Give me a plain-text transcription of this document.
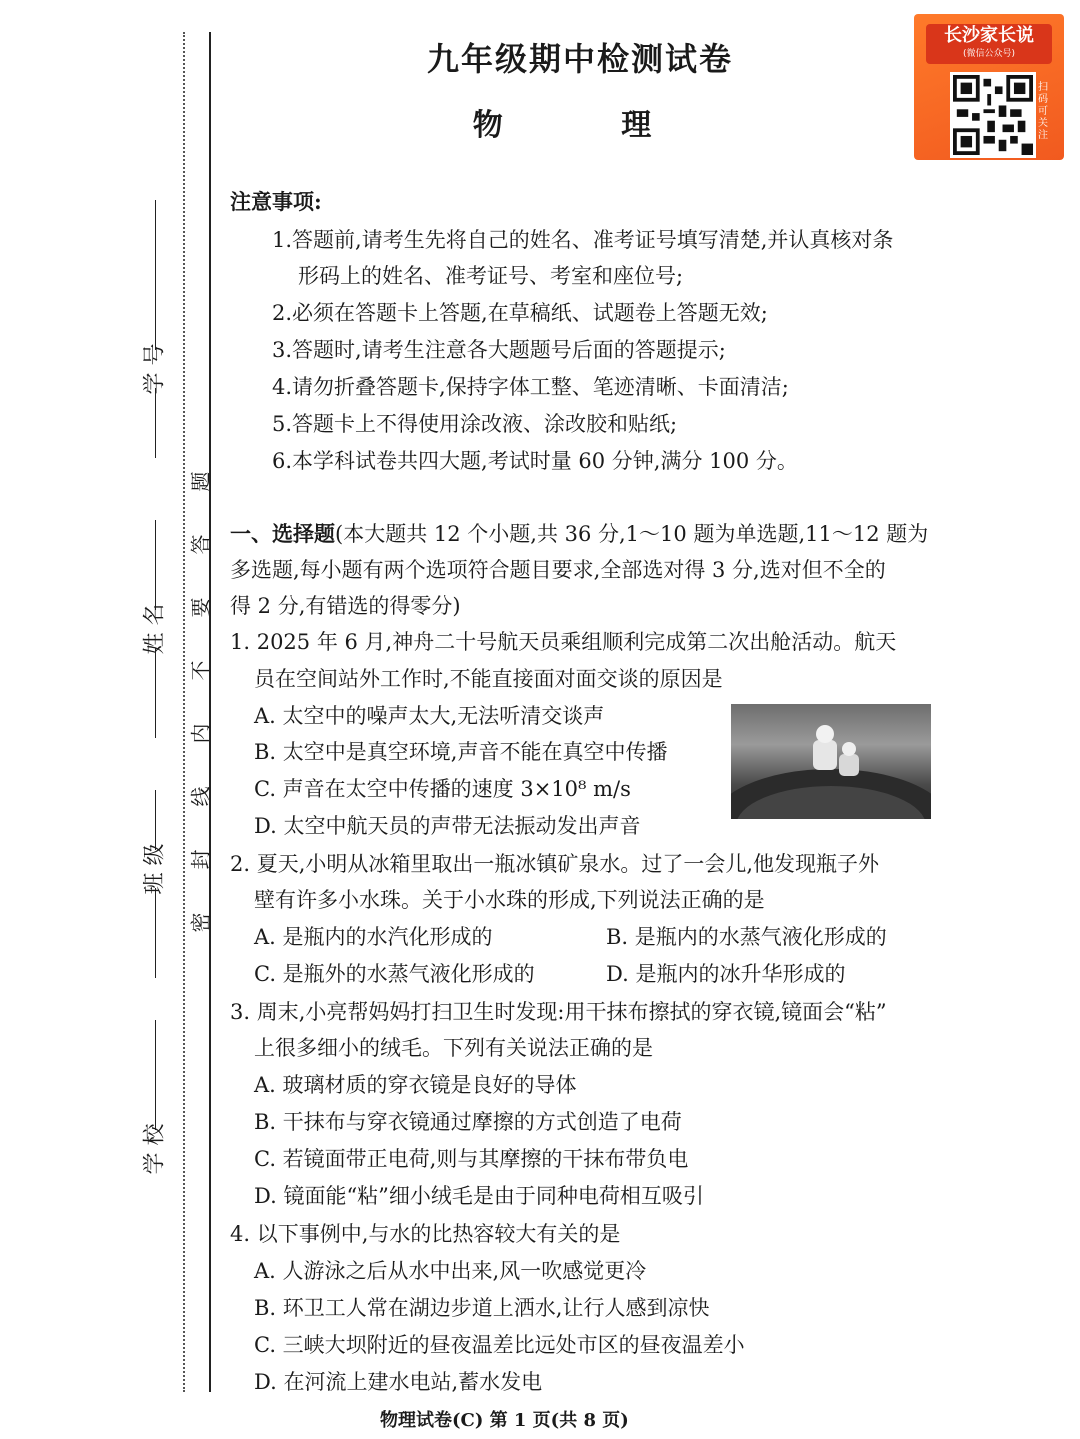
学 号
姓 名
班 级
学 校
题
答
要
不
内
线
封
密
九年级期中检测试卷
物 理
长沙家长说
(微信公众号)
扫码可关注
注意事项:
1.答题前,请考生先将自己的姓名、准考证号填写清楚,并认真核对条
形码上的姓名、准考证号、考室和座位号;
2.必须在答题卡上答题,在草稿纸、试题卷上答题无效;
3.答题时,请考生注意各大题题号后面的答题提示;
4.请勿折叠答题卡,保持字体工整、笔迹清晰、卡面清洁;
5.答题卡上不得使用涂改液、涂改胶和贴纸;
6.本学科试卷共四大题,考试时量 60 分钟,满分 100 分。
一、选择题(本大题共 12 个小题,共 36 分,1～10 题为单选题,11～12 题为
多选题,每小题有两个选项符合题目要求,全部选对得 3 分,选对但不全的
得 2 分,有错选的得零分)
1. 2025 年 6 月,神舟二十号航天员乘组顺利完成第二次出舱活动。航天
员在空间站外工作时,不能直接面对面交谈的原因是
A. 太空中的噪声太大,无法听清交谈声
B. 太空中是真空环境,声音不能在真空中传播
C. 声音在太空中传播的速度 3×10⁸ m/s
D. 太空中航天员的声带无法振动发出声音
2. 夏天,小明从冰箱里取出一瓶冰镇矿泉水。过了一会儿,他发现瓶子外
壁有许多小水珠。关于小水珠的形成,下列说法正确的是
A. 是瓶内的水汽化形成的	B. 是瓶内的水蒸气液化形成的
C. 是瓶外的水蒸气液化形成的	D. 是瓶内的冰升华形成的
3. 周末,小亮帮妈妈打扫卫生时发现:用干抹布擦拭的穿衣镜,镜面会“粘”
上很多细小的绒毛。下列有关说法正确的是
A. 玻璃材质的穿衣镜是良好的导体
B. 干抹布与穿衣镜通过摩擦的方式创造了电荷
C. 若镜面带正电荷,则与其摩擦的干抹布带负电
D. 镜面能“粘”细小绒毛是由于同种电荷相互吸引
4. 以下事例中,与水的比热容较大有关的是
A. 人游泳之后从水中出来,风一吹感觉更冷
B. 环卫工人常在湖边步道上洒水,让行人感到凉快
C. 三峡大坝附近的昼夜温差比远处市区的昼夜温差小
D. 在河流上建水电站,蓄水发电
物理试卷(C) 第 1 页(共 8 页)
